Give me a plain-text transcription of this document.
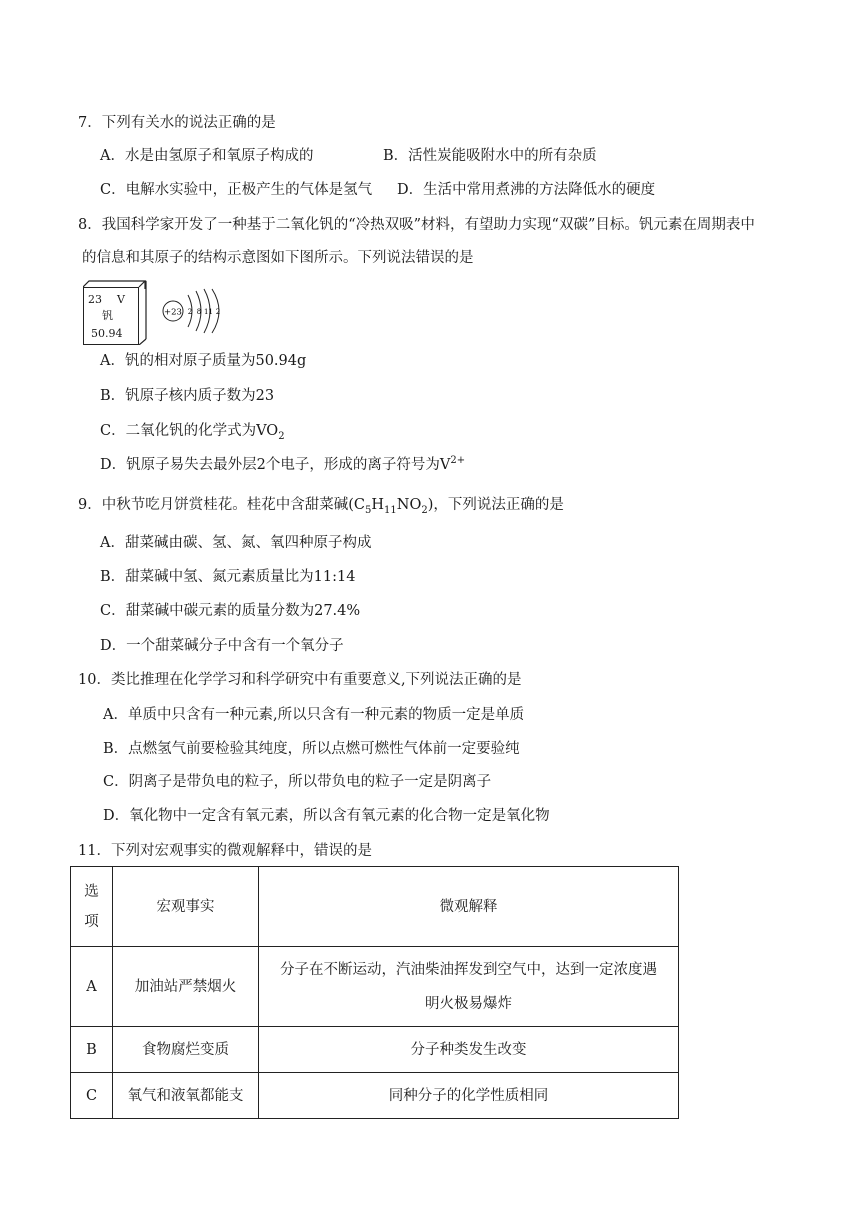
7．下列有关水的说法正确的是
A．水是由氢原子和氧原子构成的	B．活性炭能吸附水中的所有杂质
C．电解水实验中，正极产生的气体是氢气 D．生活中常用煮沸的方法降低水的硬度
8．我国科学家开发了一种基于二氧化钒的“冷热双吸”材料，有望助力实现“双碳”目标。钒元素在周期表中
的信息和其原子的结构示意图如下图所示。下列说法错误的是
23 V
钒
50.94
+23 2 8 11 2
A．钒的相对原子质量为50.94g
B．钒原子核内质子数为23
C．二氧化钒的化学式为$VO_2$
D．钒原子易失去最外层2个电子，形成的离子符号为$V^{2+}$
9．中秋节吃月饼赏桂花。桂花中含甜菜碱$(C_5H_{11}NO_2)$，下列说法正确的是
A．甜菜碱由碳、氢、氮、氧四种原子构成
B．甜菜碱中氢、氮元素质量比为11:14
C．甜菜碱中碳元素的质量分数为27.4%
D．一个甜菜碱分子中含有一个氧分子
10．类比推理在化学学习和科学研究中有重要意义,下列说法正确的是
A．单质中只含有一种元素,所以只含有一种元素的物质一定是单质
B．点燃氢气前要检验其纯度，所以点燃可燃性气体前一定要验纯
C．阴离子是带负电的粒子，所以带负电的粒子一定是阴离子
D．氧化物中一定含有氧元素，所以含有氧元素的化合物一定是氧化物
11．下列对宏观事实的微观解释中，错误的是
选
项	宏观事实	微观解释
A	加油站严禁烟火	分子在不断运动，汽油柴油挥发到空气中，达到一定浓度遇
明火极易爆炸

B	食物腐烂变质	分子种类发生改变
C	氧气和液氧都能支	同种分子的化学性质相同
